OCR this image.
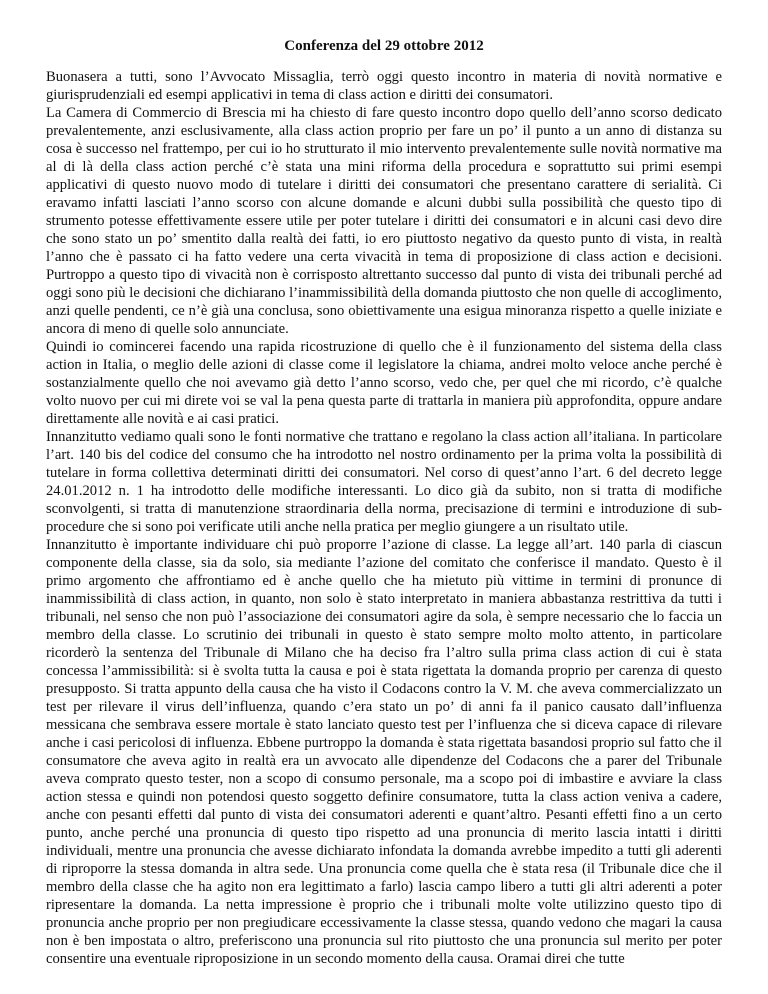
Conferenza del 29 ottobre 2012

Buonasera a tutti, sono l’Avvocato Missaglia, terrò oggi questo incontro in materia di novità normative e giurisprudenziali ed esempi applicativi in tema di class action e diritti dei consumatori.

La Camera di Commercio di Brescia mi ha chiesto di fare questo incontro dopo quello dell’anno scorso dedicato prevalentemente, anzi esclusivamente, alla class action proprio per fare un po’ il punto a un anno di distanza su cosa è successo nel frattempo, per cui io ho strutturato il mio intervento prevalentemente sulle novità normative ma al di là della class action perché c’è stata una mini riforma della procedura e soprattutto sui primi esempi applicativi di questo nuovo modo di tutelare i diritti dei consumatori che presentano carattere di serialità. Ci eravamo infatti lasciati l’anno scorso con alcune domande e alcuni dubbi sulla possibilità che questo tipo di strumento potesse effettivamente essere utile per poter tutelare i diritti dei consumatori e in alcuni casi devo dire che sono stato un po’ smentito dalla realtà dei fatti, io ero piuttosto negativo da questo punto di vista, in realtà l’anno che è passato ci ha fatto vedere una certa vivacità in tema di proposizione di class action e decisioni. Purtroppo a questo tipo di vivacità non è corrisposto altrettanto successo dal punto di vista dei tribunali perché ad oggi sono più le decisioni che dichiarano l’inammissibilità della domanda piuttosto che non quelle di accoglimento, anzi quelle pendenti, ce n’è già una conclusa, sono obiettivamente una esigua minoranza rispetto a quelle iniziate e ancora di meno di quelle solo annunciate.

Quindi io comincerei facendo una rapida ricostruzione di quello che è il funzionamento del sistema della class action in Italia, o meglio delle azioni di classe come il legislatore la chiama, andrei molto veloce anche perché è sostanzialmente quello che noi avevamo già detto l’anno scorso, vedo che, per quel che mi ricordo, c’è qualche volto nuovo per cui mi direte voi se val la pena questa parte di trattarla in maniera più approfondita, oppure andare direttamente alle novità e ai casi pratici.

Innanzitutto vediamo quali sono le fonti normative che trattano e regolano la class action all’italiana. In particolare l’art. 140 bis del codice del consumo che ha introdotto nel nostro ordinamento per la prima volta la possibilità di tutelare in forma collettiva determinati diritti dei consumatori. Nel corso di quest’anno l’art. 6 del decreto legge 24.01.2012 n. 1 ha introdotto delle modifiche interessanti. Lo dico già da subito, non si tratta di modifiche sconvolgenti, si tratta di manutenzione straordinaria della norma, precisazione di termini e introduzione di sub-procedure che si sono poi verificate utili anche nella pratica per meglio giungere a un risultato utile.

Innanzitutto è importante individuare chi può proporre l’azione di classe. La legge all’art. 140 parla di ciascun componente della classe, sia da solo, sia mediante l’azione del comitato che conferisce il mandato. Questo è il primo argomento che affrontiamo ed è anche quello che ha mietuto più vittime in termini di pronunce di inammissibilità di class action, in quanto, non solo è stato interpretato in maniera abbastanza restrittiva da tutti i tribunali, nel senso che non può l’associazione dei consumatori agire da sola, è sempre necessario che lo faccia un membro della classe. Lo scrutinio dei tribunali in questo è stato sempre molto molto attento, in particolare ricorderò la sentenza del Tribunale di Milano che ha deciso fra l’altro sulla prima class action di cui è stata concessa l’ammissibilità: si è svolta tutta la causa e poi è stata rigettata la domanda proprio per carenza di questo presupposto. Si tratta appunto della causa che ha visto il Codacons contro la V. M. che aveva commercializzato un test per rilevare il virus dell’influenza, quando c’era stato un po’ di anni fa il panico causato dall’influenza messicana che sembrava essere mortale è stato lanciato questo test per l’influenza che si diceva capace di rilevare anche i casi pericolosi di influenza. Ebbene purtroppo la domanda è stata rigettata basandosi proprio sul fatto che il consumatore che aveva agito in realtà era un avvocato alle dipendenze del Codacons che a parer del Tribunale aveva comprato questo tester, non a scopo di consumo personale, ma a scopo poi di imbastire e avviare la class action stessa e quindi non potendosi questo soggetto definire consumatore, tutta la class action veniva a cadere, anche con pesanti effetti dal punto di vista dei consumatori aderenti e quant’altro. Pesanti effetti fino a un certo punto, anche perché una pronuncia di questo tipo rispetto ad una pronuncia di merito lascia intatti i diritti individuali, mentre una pronuncia che avesse dichiarato infondata la domanda avrebbe impedito a tutti gli aderenti di riproporre la stessa domanda in altra sede. Una pronuncia come quella che è stata resa (il Tribunale dice che il membro della classe che ha agito non era legittimato a farlo) lascia campo libero a tutti gli altri aderenti a poter ripresentare la domanda. La netta impressione è proprio che i tribunali molte volte utilizzino questo tipo di pronuncia anche proprio per non pregiudicare eccessivamente la classe stessa, quando vedono che magari la causa non è ben impostata o altro, preferiscono una pronuncia sul rito piuttosto che una pronuncia sul merito per poter consentire una eventuale riproposizione in un secondo momento della causa. Oramai direi che tutte
